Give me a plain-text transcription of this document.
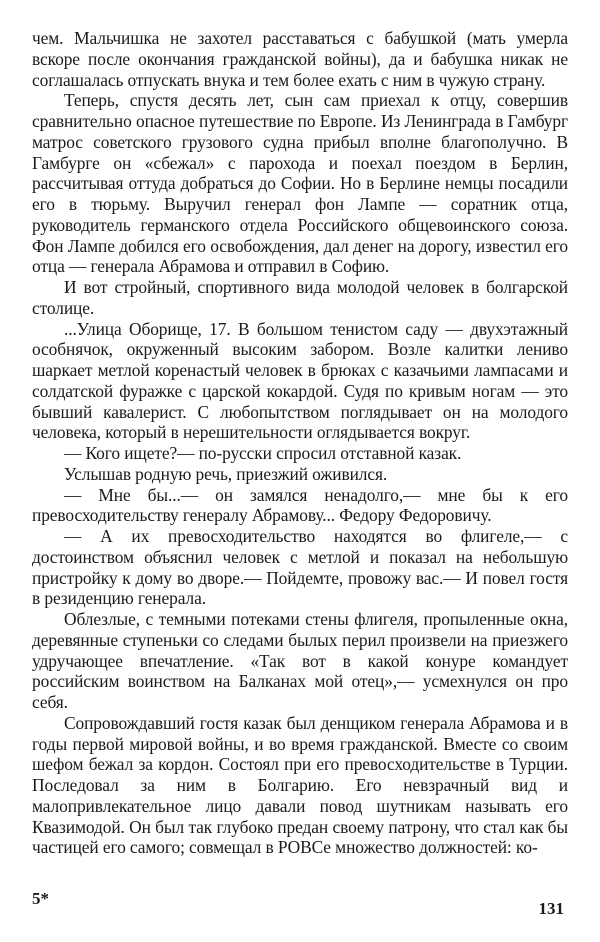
чем. Мальчишка не захотел расставаться с бабушкой (мать умерла вскоре после окончания гражданской войны), да и бабушка никак не соглашалась отпускать внука и тем более ехать с ним в чужую страну.

Теперь, спустя десять лет, сын сам приехал к отцу, совершив сравнительно опасное путешествие по Европе. Из Ленинграда в Гамбург матрос советского грузового судна прибыл вполне благополучно. В Гамбурге он «сбежал» с парохода и поехал поездом в Берлин, рассчитывая оттуда добраться до Софии. Но в Берлине немцы посадили его в тюрьму. Выручил генерал фон Лампе — соратник отца, руководитель германского отдела Российского общевоинского союза. Фон Лампе добился его освобождения, дал денег на дорогу, известил его отца — генерала Абрамова и отправил в Софию.

И вот стройный, спортивного вида молодой человек в болгарской столице.

...Улица Оборище, 17. В большом тенистом саду — двухэтажный особнячок, окруженный высоким забором. Возле калитки лениво шаркает метлой коренастый человек в брюках с казачьими лампасами и солдатской фуражке с царской кокардой. Судя по кривым ногам — это бывший кавалерист. С любопытством поглядывает он на молодого человека, который в нерешительности оглядывается вокруг.

— Кого ищете?— по-русски спросил отставной казак.

Услышав родную речь, приезжий оживился.

— Мне бы...— он замялся ненадолго,— мне бы к его превосходительству генералу Абрамову... Федору Федоровичу.

— А их превосходительство находятся во флигеле,— с достоинством объяснил человек с метлой и показал на небольшую пристройку к дому во дворе.— Пойдемте, провожу вас.— И повел гостя в резиденцию генерала.

Облезлые, с темными потеками стены флигеля, пропыленные окна, деревянные ступеньки со следами былых перил произвели на приезжего удручающее впечатление. «Так вот в какой конуре командует российским воинством на Балканах мой отец»,— усмехнулся он про себя.

Сопровождавший гостя казак был денщиком генерала Абрамова и в годы первой мировой войны, и во время гражданской. Вместе со своим шефом бежал за кордон. Состоял при его превосходительстве в Турции. Последовал за ним в Болгарию. Его невзрачный вид и малопривлекательное лицо давали повод шутникам называть его Квазимодой. Он был так глубоко предан своему патрону, что стал как бы частицей его самого; совмещал в РОВСе множество должностей: ко-

5*
131
